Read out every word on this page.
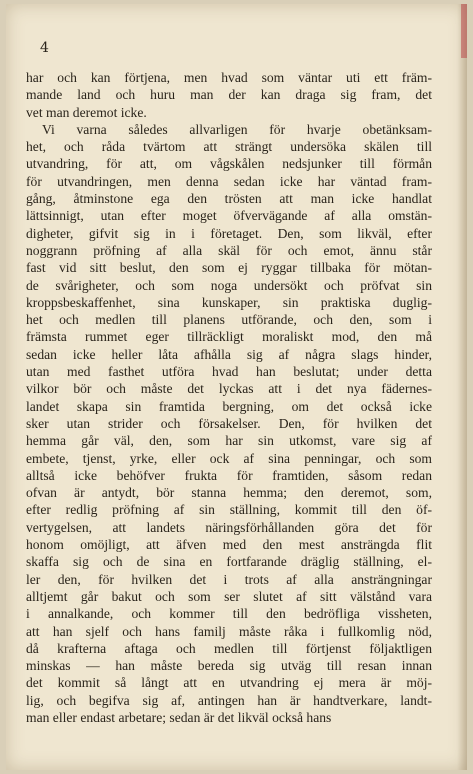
4
har och kan förtjena, men hvad som väntar uti ett främ-
mande land och huru man der kan draga sig fram, det
vet man deremot icke.
Vi varna således allvarligen för hvarje obetänksam-
het, och råda tvärtom att strängt undersöka skälen till
utvandring, för att, om vågskålen nedsjunker till förmån
för utvandringen, men denna sedan icke har väntad fram-
gång, åtminstone ega den trösten att man icke handlat
lättsinnigt, utan efter moget öfvervägande af alla omstän-
digheter, gifvit sig in i företaget. Den, som likväl, efter
noggrann pröfning af alla skäl för och emot, ännu står
fast vid sitt beslut, den som ej ryggar tillbaka för mötan-
de svårigheter, och som noga undersökt och pröfvat sin
kroppsbeskaffenhet, sina kunskaper, sin praktiska duglig-
het och medlen till planens utförande, och den, som i
främsta rummet eger tillräckligt moraliskt mod, den må
sedan icke heller låta afhålla sig af några slags hinder,
utan med fasthet utföra hvad han beslutat; under detta
vilkor bör och måste det lyckas att i det nya fädernes-
landet skapa sin framtida bergning, om det också icke
sker utan strider och försakelser. Den, för hvilken det
hemma går väl, den, som har sin utkomst, vare sig af
embete, tjenst, yrke, eller ock af sina penningar, och som
alltså icke behöfver frukta för framtiden, såsom redan
ofvan är antydt, bör stanna hemma; den deremot, som,
efter redlig pröfning af sin ställning, kommit till den öf-
vertygelsen, att landets näringsförhållanden göra det för
honom omöjligt, att äfven med den mest ansträngda flit
skaffa sig och de sina en fortfarande dräglig ställning, el-
ler den, för hvilken det i trots af alla ansträngningar
alltjemt går bakut och som ser slutet af sitt välstånd vara
i annalkande, och kommer till den bedröfliga vissheten,
att han sjelf och hans familj måste råka i fullkomlig nöd,
då krafterna aftaga och medlen till förtjenst följaktligen
minskas — han måste bereda sig utväg till resan innan
det kommit så långt att en utvandring ej mera är möj-
lig, och begifva sig af, antingen han är handtverkare, landt-
man eller endast arbetare; sedan är det likväl också hans
